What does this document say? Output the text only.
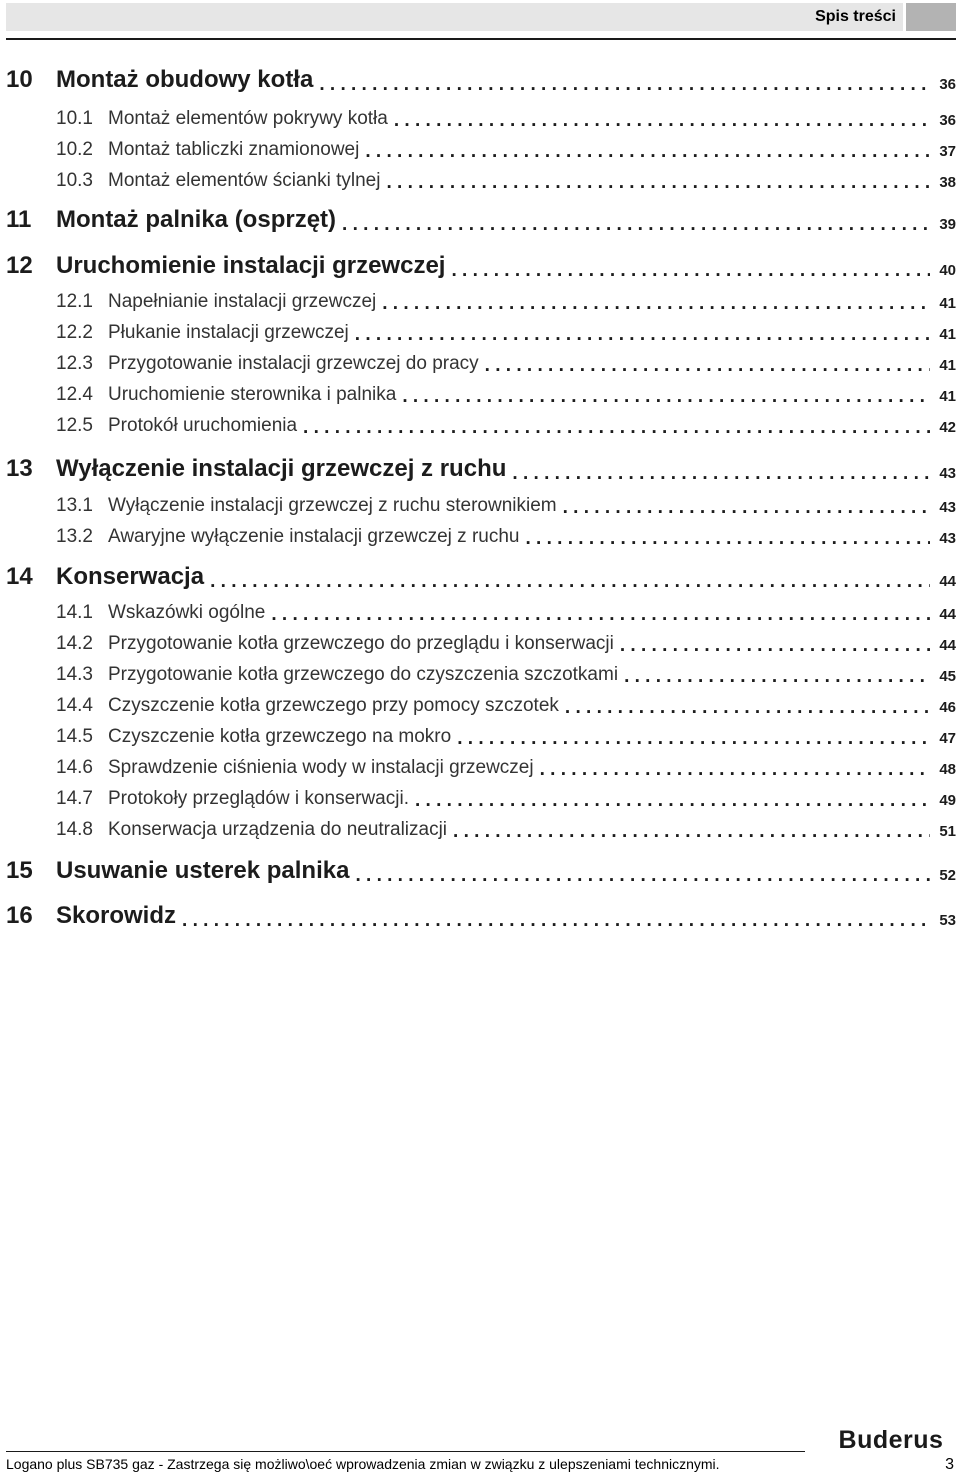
Spis treści
10 Montaż obudowy kotła . . .	36
10.1 Montaż elementów pokrywy kotła . . .	36
10.2 Montaż tabliczki znamionowej . . .	37
10.3 Montaż elementów ścianki tylnej . . .	38
11	Montaż palnika (osprzęt) . . .	39
12 Uruchomienie instalacji grzewczej . . .	40
12.1 Napełnianie instalacji grzewczej . . .	41
12.2 Płukanie instalacji grzewczej . . .	41
12.3 Przygotowanie instalacji grzewczej do pracy . . .	41
12.4 Uruchomienie sterownika i palnika . . .	41
12.5 Protokół uruchomienia . . .	42
13 Wyłączenie instalacji grzewczej z ruchu . . .	43
13.1 Wyłączenie instalacji grzewczej z ruchu sterownikiem . . .	43
13.2 Awaryjne wyłączenie instalacji grzewczej z ruchu . . .	43
14 Konserwacja . . .	44
14.1 Wskazówki ogólne . . .	44
14.2 Przygotowanie kotła grzewczego do przeglądu i konserwacji . . .	44
14.3 Przygotowanie kotła grzewczego do czyszczenia szczotkami . . .	45
14.4 Czyszczenie kotła grzewczego przy pomocy szczotek . . .	46
14.5 Czyszczenie kotła grzewczego na mokro . . .	47
14.6 Sprawdzenie ciśnienia wody w instalacji grzewczej . . .	48
14.7 Protokoły przeglądów i konserwacji. . . .	49
14.8 Konserwacja urządzenia do neutralizacji . . .	51
15 Usuwanie usterek palnika . . .	52
16 Skorowidz . . .	53
Logano plus SB735 gaz - Zastrzega się możliwo\oeć wprowadzenia zmian w związku z ulepszeniami technicznymi.	3
Buderus
